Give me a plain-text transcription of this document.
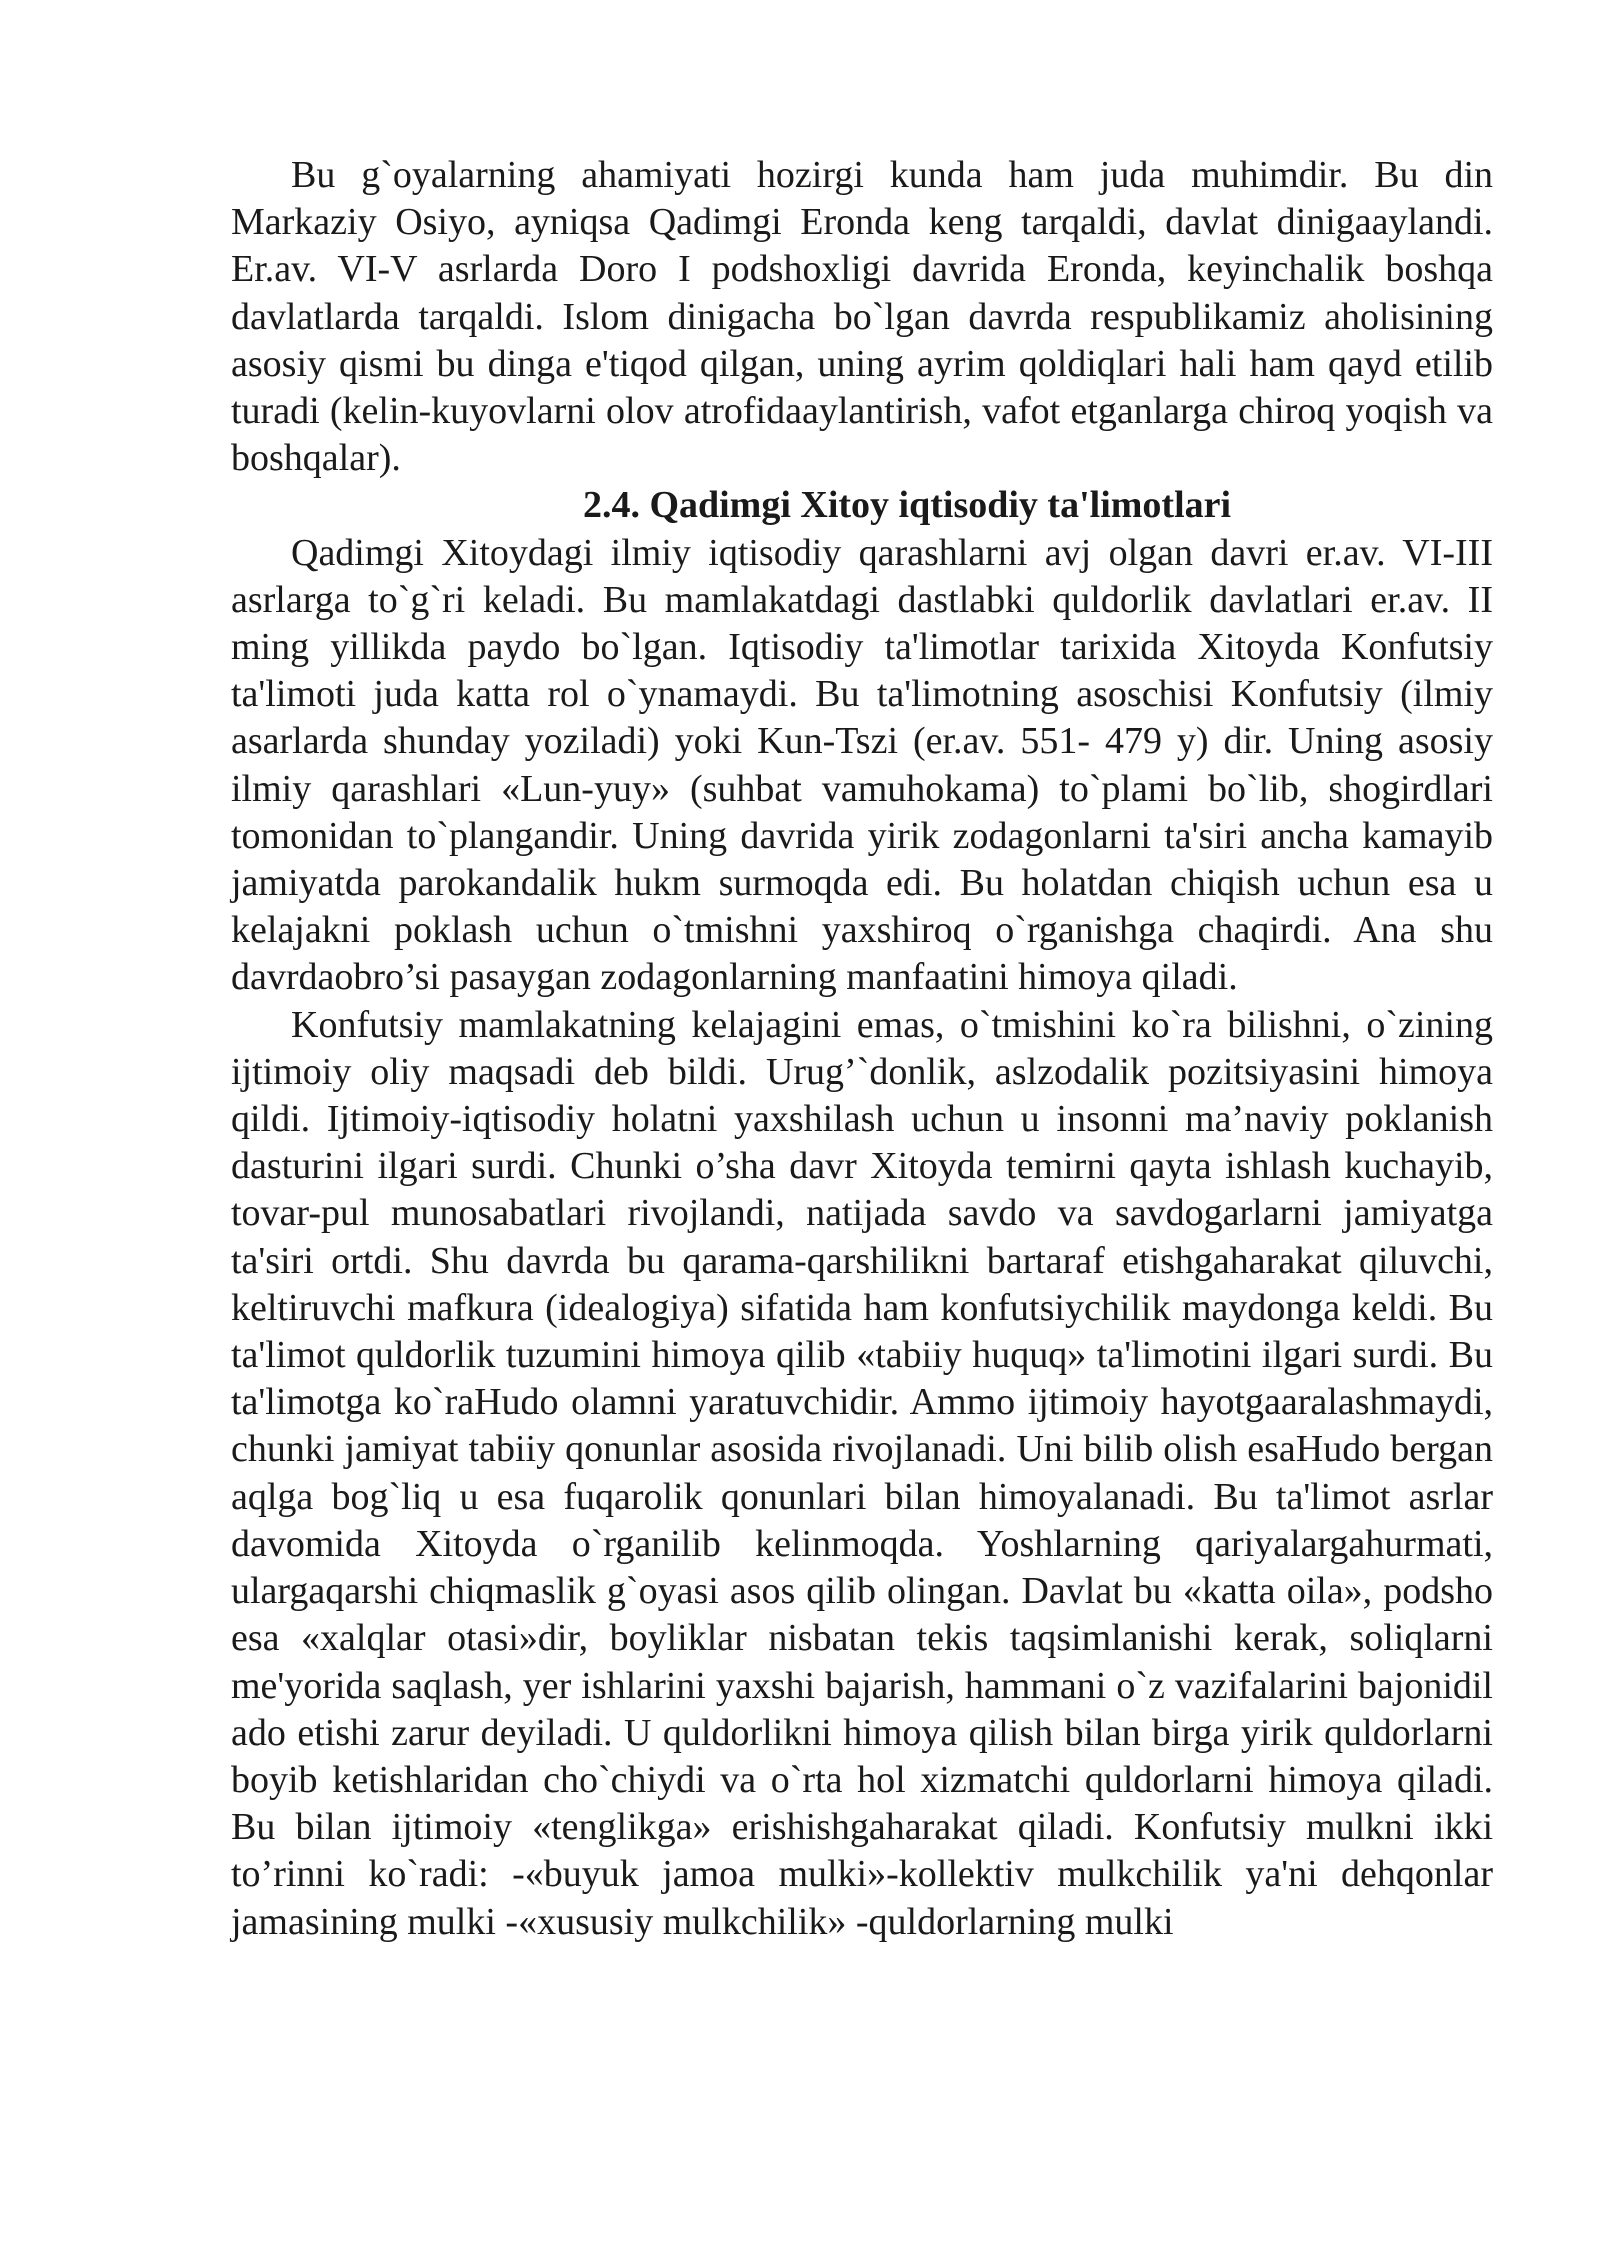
Bu g`oyalarning ahamiyati hozirgi kunda ham juda muhimdir. Bu din Markaziy Osiyo, ayniqsa Qadimgi Eronda keng tarqaldi, davlat dinigaaylandi. Er.av. VI-V asrlarda Doro I podshoxligi davrida Eronda, keyinchalik boshqa davlatlarda tarqaldi. Islom dinigacha bo`lgan davrda respublikamiz aholisining asosiy qismi bu dinga e'tiqod qilgan, uning ayrim qoldiqlari hali ham qayd etilib turadi (kelin-kuyovlarni olov atrofidaaylantirish, vafot etganlarga chiroq yoqish va boshqalar).

2.4. Qadimgi Xitoy iqtisodiy ta'limotlari

Qadimgi Xitoydagi ilmiy iqtisodiy qarashlarni avj olgan davri er.av. VI-III asrlarga to`g`ri keladi. Bu mamlakatdagi dastlabki quldorlik davlatlari er.av. II ming yillikda paydo bo`lgan. Iqtisodiy ta'limotlar tarixida Xitoyda Konfutsiy ta'limoti juda katta rol o`ynamaydi. Bu ta'limotning asoschisi Konfutsiy (ilmiy asarlarda shunday yoziladi) yoki Kun-Tszi (er.av. 551- 479 y) dir. Uning asosiy ilmiy qarashlari «Lun-yuy» (suhbat vamuhokama) to`plami bo`lib, shogirdlari tomonidan to`plangandir. Uning davrida yirik zodagonlarni ta'siri ancha kamayib jamiyatda parokandalik hukm surmoqda edi. Bu holatdan chiqish uchun esa u kelajakni poklash uchun o`tmishni yaxshiroq o`rganishga chaqirdi. Ana shu davrdaobro’si pasaygan zodagonlarning manfaatini himoya qiladi.

Konfutsiy mamlakatning kelajagini emas, o`tmishini ko`ra bilishni, o`zining ijtimoiy oliy maqsadi deb bildi. Urug’`donlik, aslzodalik pozitsiyasini himoya qildi. Ijtimoiy-iqtisodiy holatni yaxshilash uchun u insonni ma’naviy poklanish dasturini ilgari surdi. Chunki o’sha davr Xitoyda temirni qayta ishlash kuchayib, tovar-pul munosabatlari rivojlandi, natijada savdo va savdogarlarni jamiyatga ta'siri ortdi. Shu davrda bu qarama-qarshilikni bartaraf etishgaharakat qiluvchi, keltiruvchi mafkura (idealogiya) sifatida ham konfutsiychilik maydonga keldi. Bu ta'limot quldorlik tuzumini himoya qilib «tabiiy huquq» ta'limotini ilgari surdi. Bu ta'limotga ko`raHudo olamni yaratuvchidir. Ammo ijtimoiy hayotgaaralashmaydi, chunki jamiyat tabiiy qonunlar asosida rivojlanadi. Uni bilib olish esaHudo bergan aqlga bog`liq u esa fuqarolik qonunlari bilan himoyalanadi. Bu ta'limot asrlar davomida Xitoyda o`rganilib kelinmoqda. Yoshlarning qariyalargahurmati, ulargaqarshi chiqmaslik g`oyasi asos qilib olingan. Davlat bu «katta oila», podsho esa «xalqlar otasi»dir, boyliklar nisbatan tekis taqsimlanishi kerak, soliqlarni me'yorida saqlash, yer ishlarini yaxshi bajarish, hammani o`z vazifalarini bajonidil ado etishi zarur deyiladi. U quldorlikni himoya qilish bilan birga yirik quldorlarni boyib ketishlaridan cho`chiydi va o`rta hol xizmatchi quldorlarni himoya qiladi. Bu bilan ijtimoiy «tenglikga» erishishgaharakat qiladi. Konfutsiy mulkni ikki to’rinni ko`radi: -«buyuk jamoa mulki»-kollektiv mulkchilik ya'ni dehqonlar jamasining mulki -«xususiy mulkchilik» -quldorlarning mulki
